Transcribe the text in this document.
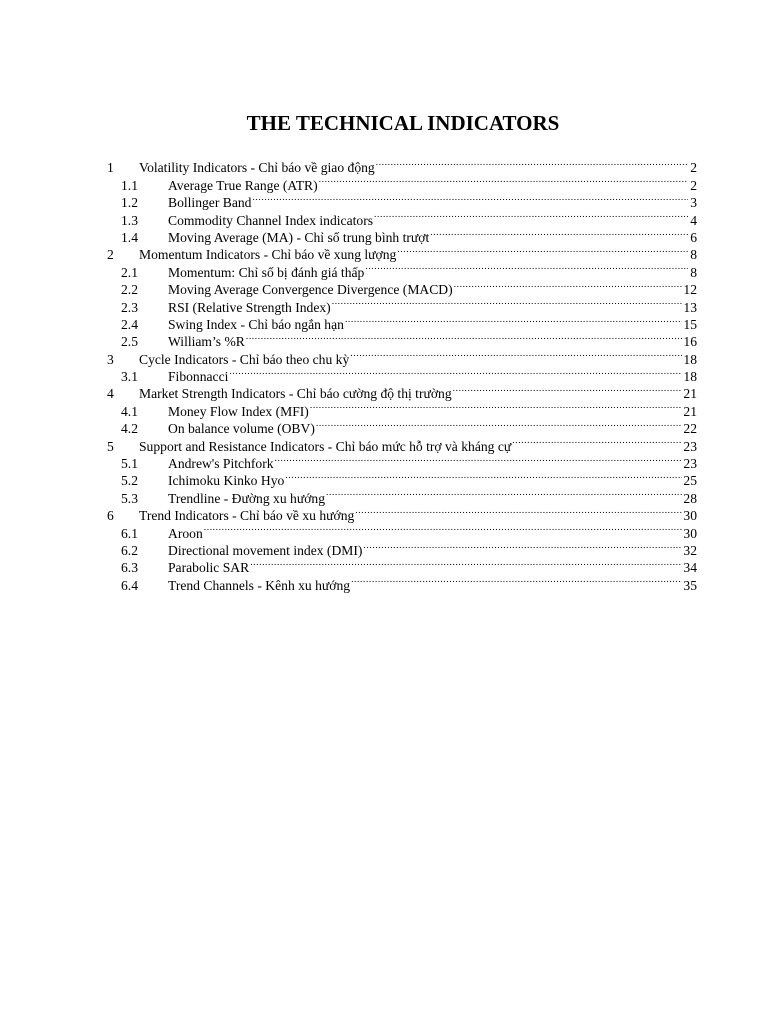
THE TECHNICAL INDICATORS
1	Volatility Indicators - Chỉ báo về giao động .....	2
1.1	Average True Range (ATR) .....	2
1.2	Bollinger Band .....	3
1.3	Commodity Channel Index indicators .....	4
1.4	Moving Average (MA) - Chỉ số trung bình trượt .....	6
2	Momentum Indicators - Chỉ báo về xung lượng .....	8
2.1	Momentum: Chỉ số bị đánh giá thấp .....	8
2.2	Moving Average Convergence Divergence (MACD) .....	12
2.3	RSI (Relative Strength Index) .....	13
2.4	Swing Index - Chỉ báo ngắn hạn .....	15
2.5	William’s %R .....	16
3	Cycle Indicators - Chỉ báo theo chu kỳ .....	18
3.1	Fibonnacci .....	18
4	Market Strength Indicators - Chỉ báo cường độ thị trường .....	21
4.1	Money Flow Index (MFI) .....	21
4.2	On balance volume (OBV) .....	22
5	Support and Resistance Indicators - Chỉ báo mức hỗ trợ và kháng cự .....	23
5.1	Andrew's Pitchfork .....	23
5.2	Ichimoku Kinko Hyo .....	25
5.3	Trendline - Đường xu hướng .....	28
6	Trend Indicators - Chỉ báo về xu hướng .....	30
6.1	Aroon .....	30
6.2	Directional movement index (DMI) .....	32
6.3	Parabolic SAR .....	34
6.4	Trend Channels - Kênh xu hướng .....	35
